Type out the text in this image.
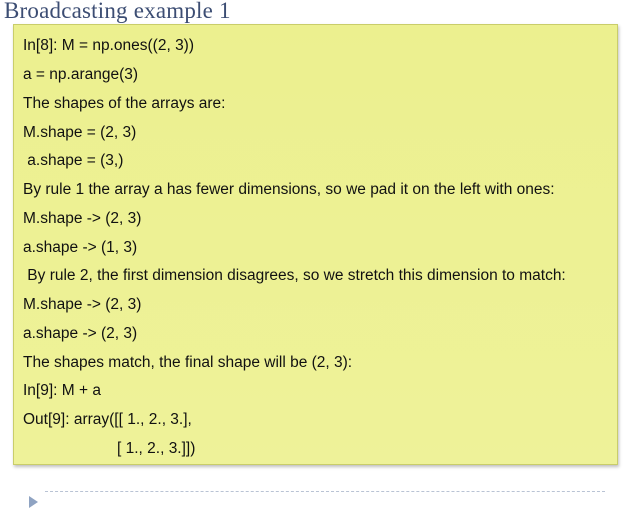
Broadcasting example 1
In[8]: M = np.ones((2, 3))
a = np.arange(3)
The shapes of the arrays are:
M.shape = (2, 3)
a.shape = (3,)
By rule 1 the array a has fewer dimensions, so we pad it on the left with ones:
M.shape -> (2, 3)
a.shape -> (1, 3)
By rule 2, the first dimension disagrees, so we stretch this dimension to match:
M.shape -> (2, 3)
a.shape -> (2, 3)
The shapes match, the final shape will be (2, 3):
In[9]: M + a
Out[9]: array([[ 1., 2., 3.],
[ 1., 2., 3.]])
